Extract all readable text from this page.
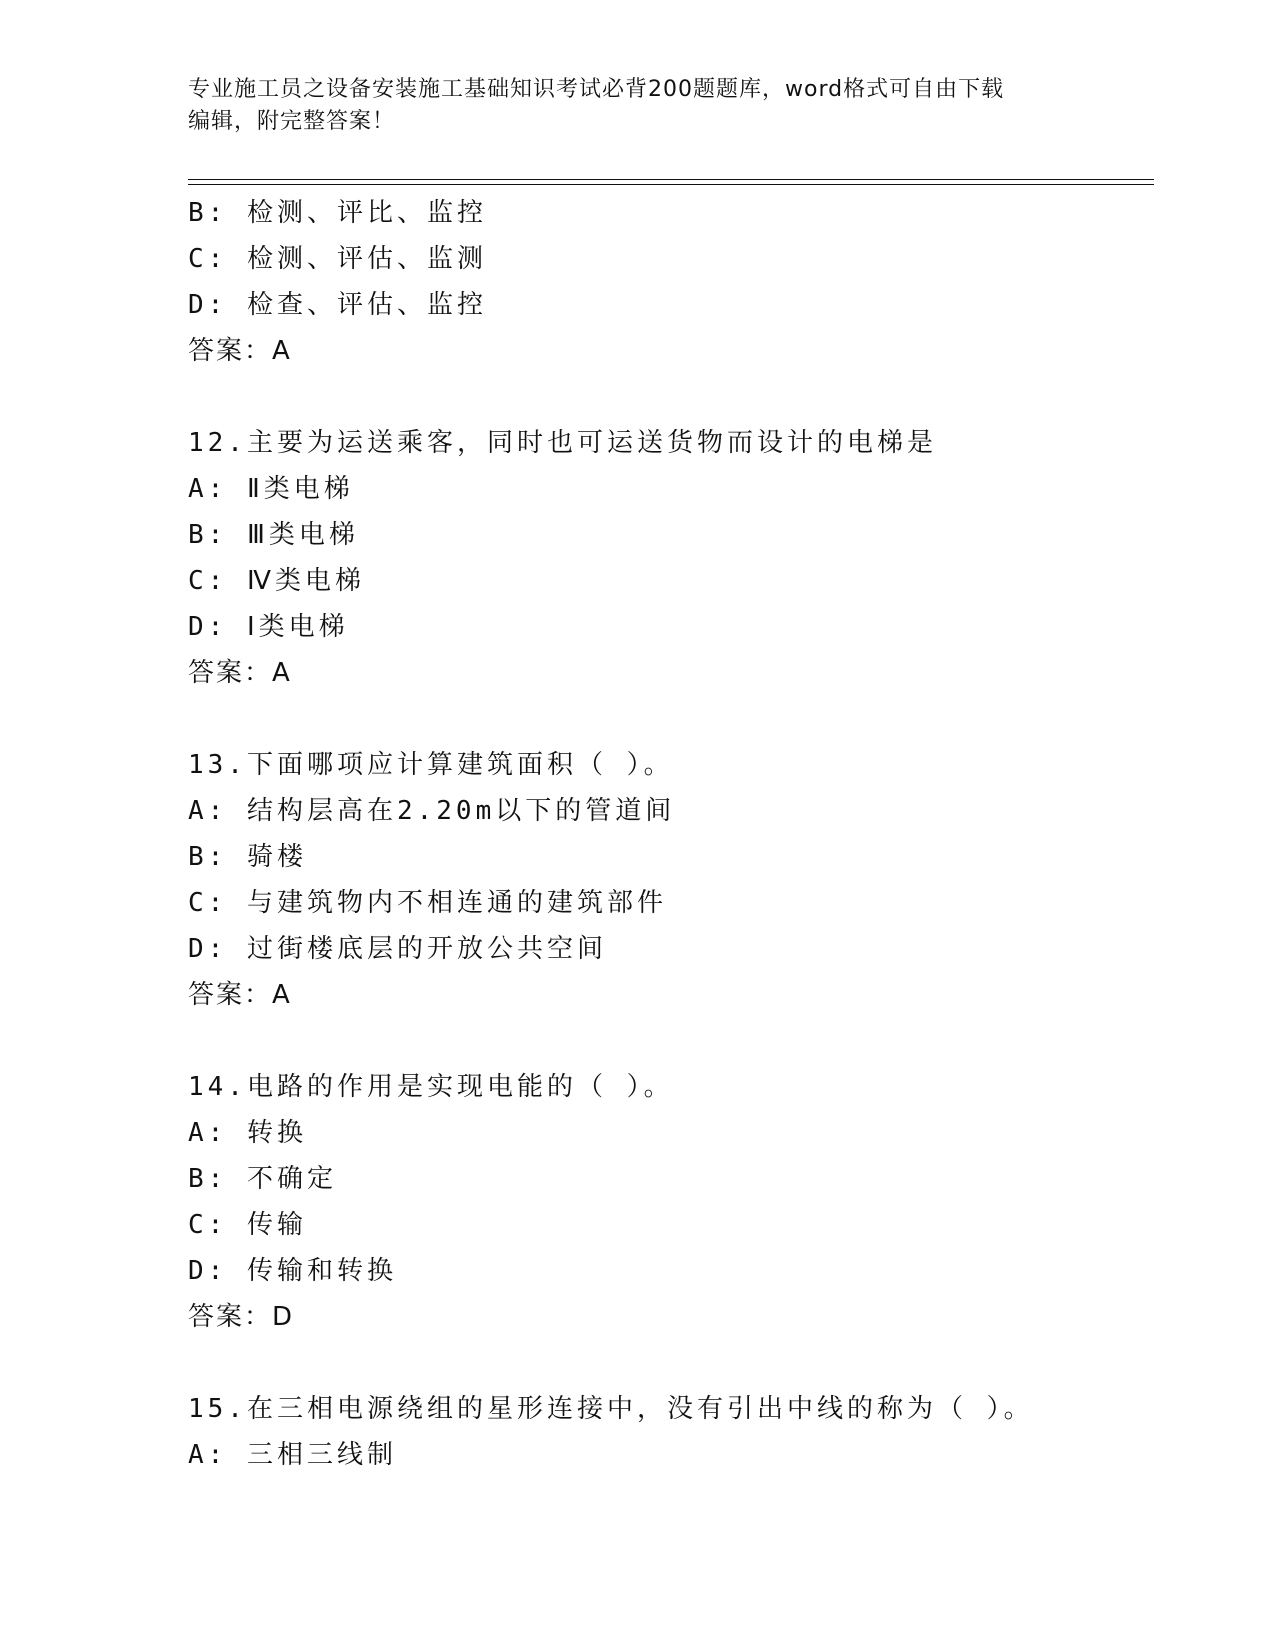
专业施工员之设备安装施工基础知识考试必背200题题库，word格式可自由下载
编辑，附完整答案！
B: 检测、评比、监控
C: 检测、评估、监测
D: 检查、评估、监控
答案：A
12.主要为运送乘客，同时也可运送货物而设计的电梯是
A: Ⅱ类电梯
B: Ⅲ类电梯
C: Ⅳ类电梯
D: Ⅰ类电梯
答案：A
13.下面哪项应计算建筑面积（ ）。
A: 结构层高在2.20m以下的管道间
B: 骑楼
C: 与建筑物内不相连通的建筑部件
D: 过街楼底层的开放公共空间
答案：A
14.电路的作用是实现电能的（ ）。
A: 转换
B: 不确定
C: 传输
D: 传输和转换
答案：D
15.在三相电源绕组的星形连接中，没有引出中线的称为（ ）。
A: 三相三线制
